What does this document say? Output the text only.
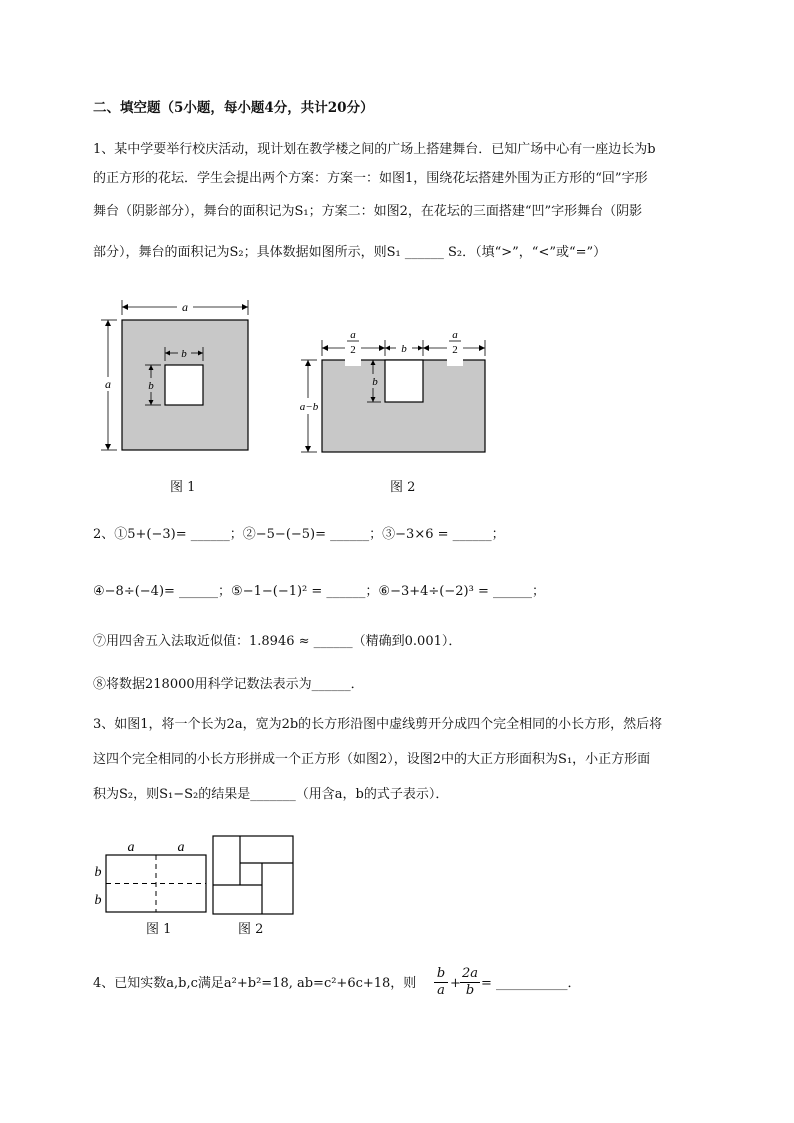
二、填空题（5小题，每小题4分，共计20分）
1、某中学要举行校庆活动，现计划在教学楼之间的广场上搭建舞台．已知广场中心有一座边长为b
的正方形的花坛．学生会提出两个方案：方案一：如图1，围绕花坛搭建外围为正方形的“回”字形
舞台（阴影部分），舞台的面积记为S₁；方案二：如图2，在花坛的三面搭建“凹”字形舞台（阴影
部分），舞台的面积记为S₂；具体数据如图所示，则S₁ ______ S₂．（填“>”，“<”或“=”）
a
a
b
b
图 1
a
2	b
a
2
b
a−b
图 2
2、①5+(−3)= ______；②−5−(−5)= ______；③−3×6 = ______；
④−8÷(−4)= ______；⑤−1−(−1)² = ______；⑥−3+4÷(−2)³ = ______；
⑦用四舍五入法取近似值：1.8946 ≈ ______（精确到0.001）．
⑧将数据218000用科学记数法表示为______．
3、如图1，将一个长为2a，宽为2b的长方形沿图中虚线剪开分成四个完全相同的小长方形，然后将
这四个完全相同的小长方形拼成一个正方形（如图2），设图2中的大正方形面积为S₁，小正方形面
积为S₂，则S₁−S₂的结果是_______（用含a，b的式子表示）．
a	a
b
b
图 1	图 2
4、已知实数a,b,c满足a²+b²=18, ab=c²+6c+18，则 $\frac{b}{a} + \frac{2a}{b}$ = ___________．
